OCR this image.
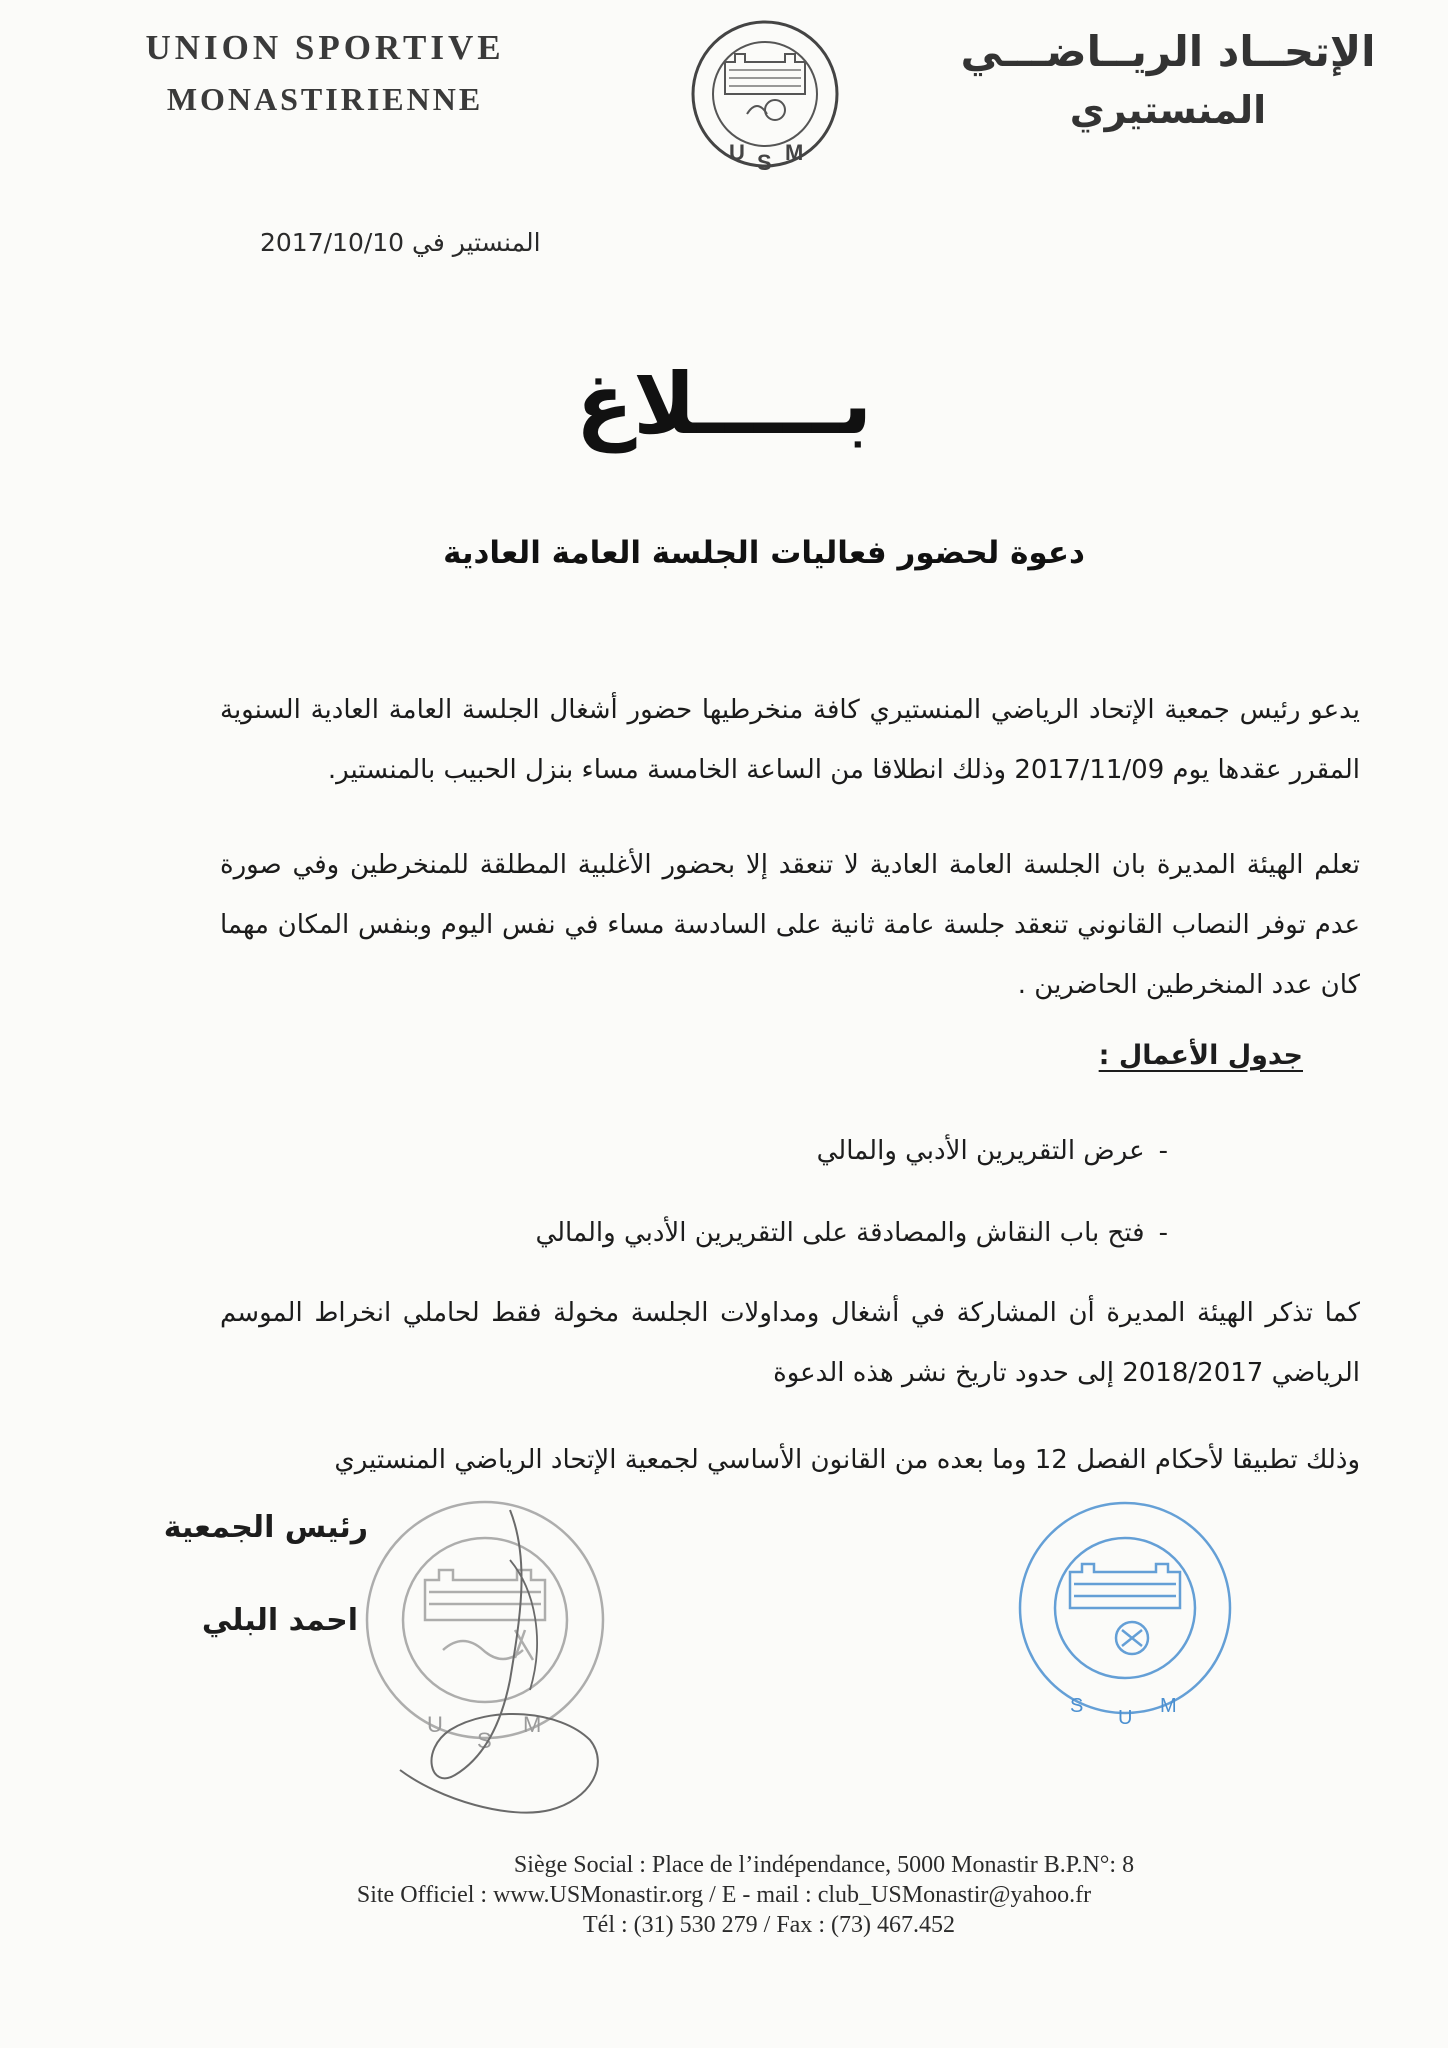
UNION SPORTIVE
MONASTIRIENNE
U S M
الإتحــاد الريــاضـــي
المنستيري
المنستير في 2017/10/10
بـــــلاغ
دعوة لحضور فعاليات الجلسة العامة العادية
يدعو رئيس جمعية الإتحاد الرياضي المنستيري كافة منخرطيها حضور أشغال الجلسة العامة العادية السنوية المقرر عقدها يوم 2017/11/09 وذلك انطلاقا من الساعة الخامسة مساء بنزل الحبيب بالمنستير.
تعلم الهيئة المديرة بان الجلسة العامة العادية لا تنعقد إلا بحضور الأغلبية المطلقة للمنخرطين وفي صورة عدم توفر النصاب القانوني تنعقد جلسة عامة ثانية على السادسة مساء في نفس اليوم وبنفس المكان مهما كان عدد المنخرطين الحاضرين .
جدول الأعمال :
-عرض التقريرين الأدبي والمالي
-فتح باب النقاش والمصادقة على التقريرين الأدبي والمالي
كما تذكر الهيئة المديرة أن المشاركة في أشغال ومداولات الجلسة مخولة فقط لحاملي انخراط الموسم الرياضي 2018/2017 إلى حدود تاريخ نشر هذه الدعوة
وذلك تطبيقا لأحكام الفصل 12 وما بعده من القانون الأساسي لجمعية الإتحاد الرياضي المنستيري
U
S
M
رئيس الجمعية
احمد البلي
S
U
M
Siège Social : Place de l’indépendance, 5000 Monastir B.P.N°: 8
Site Officiel : www.USMonastir.org / E - mail : club_USMonastir@yahoo.fr
Tél : (31) 530 279 / Fax : (73) 467.452
